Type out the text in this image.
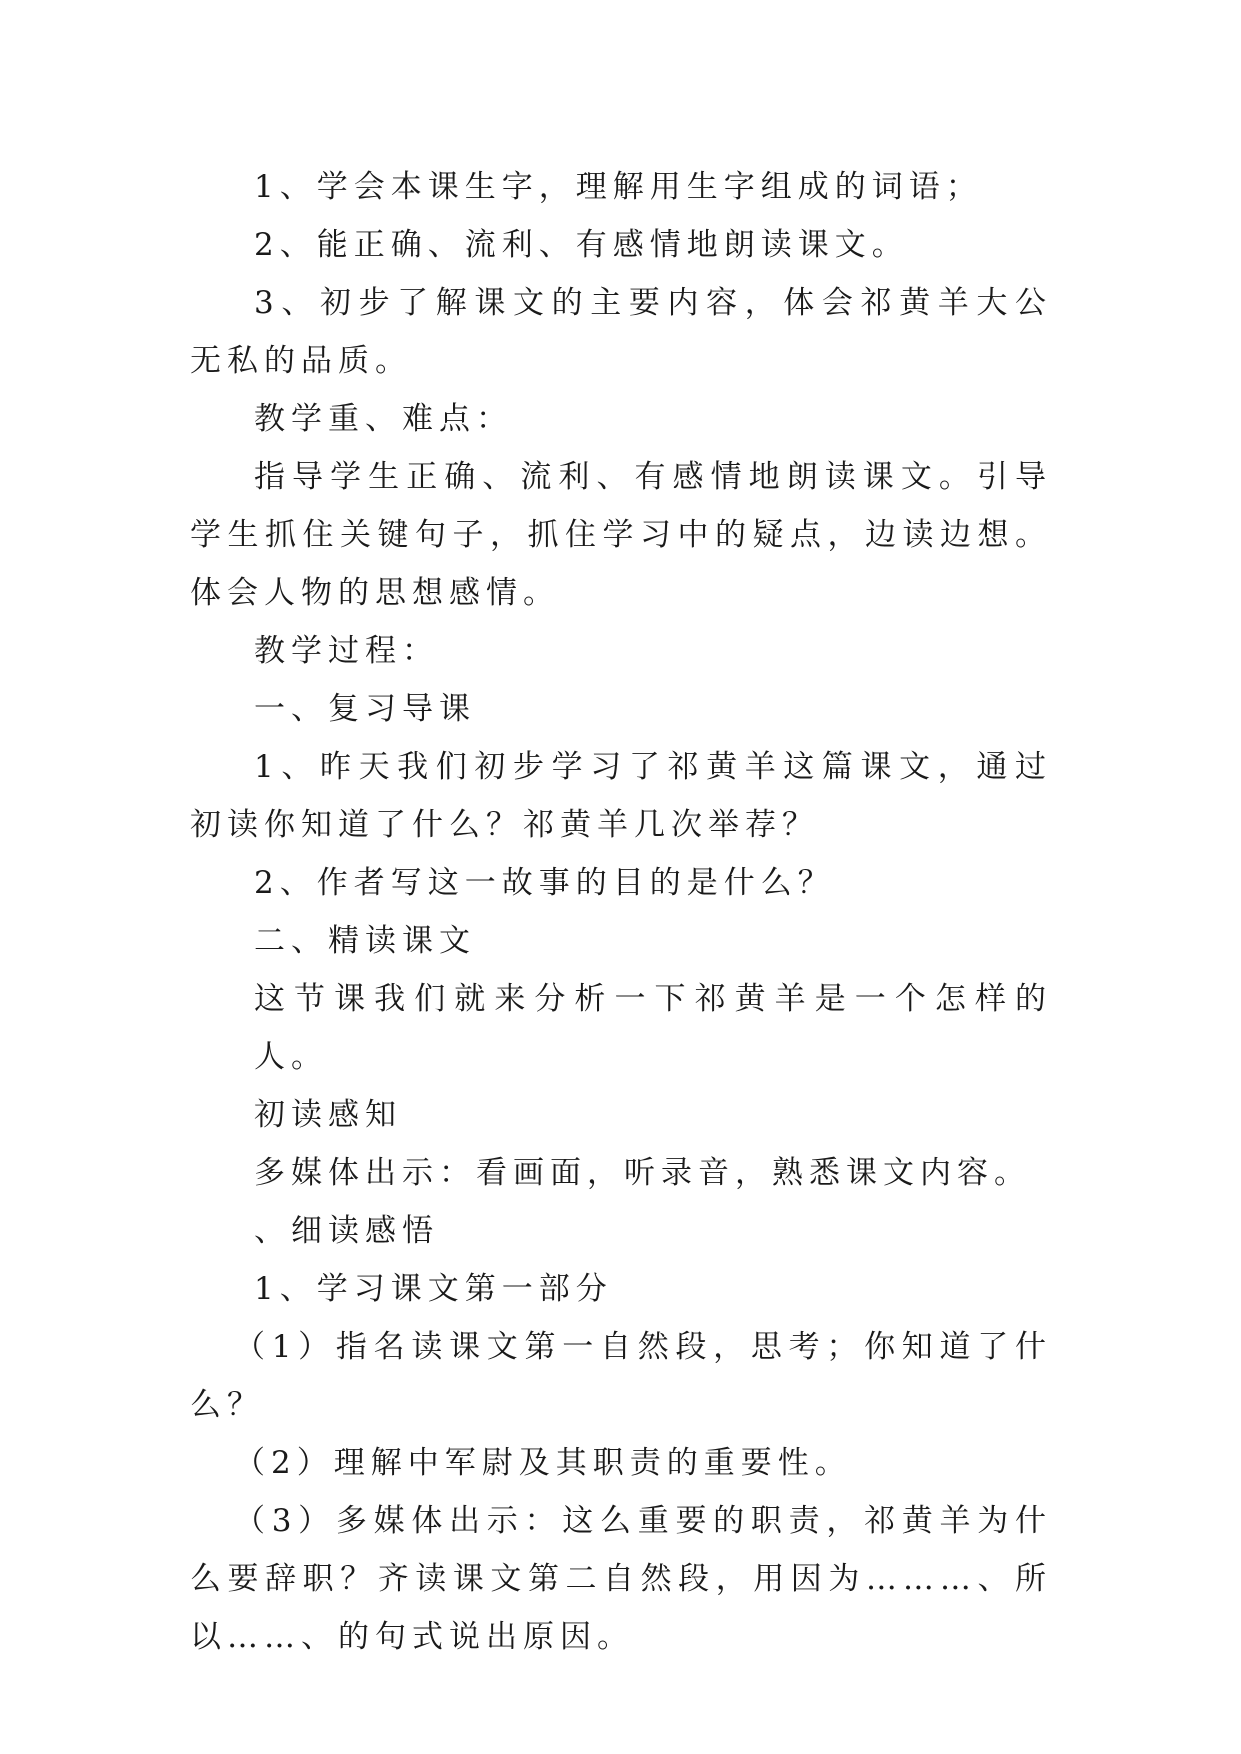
1、学会本课生字，理解用生字组成的词语；

2、能正确、流利、有感情地朗读课文。

3、初步了解课文的主要内容，体会祁黄羊大公无私的品质。

教学重、难点：

指导学生正确、流利、有感情地朗读课文。引导学生抓住关键句子，抓住学习中的疑点，边读边想。体会人物的思想感情。

教学过程：

一、复习导课

1、昨天我们初步学习了祁黄羊这篇课文，通过初读你知道了什么？祁黄羊几次举荐？

2、作者写这一故事的目的是什么？

二、精读课文

这节课我们就来分析一下祁黄羊是一个怎样的人。

初读感知

多媒体出示：看画面，听录音，熟悉课文内容。

、细读感悟

1、学习课文第一部分

（1）指名读课文第一自然段，思考；你知道了什么？

（2）理解中军尉及其职责的重要性。

（3）多媒体出示：这么重要的职责，祁黄羊为什么要辞职？齐读课文第二自然段，用因为………、所以……、的句式说出原因。
